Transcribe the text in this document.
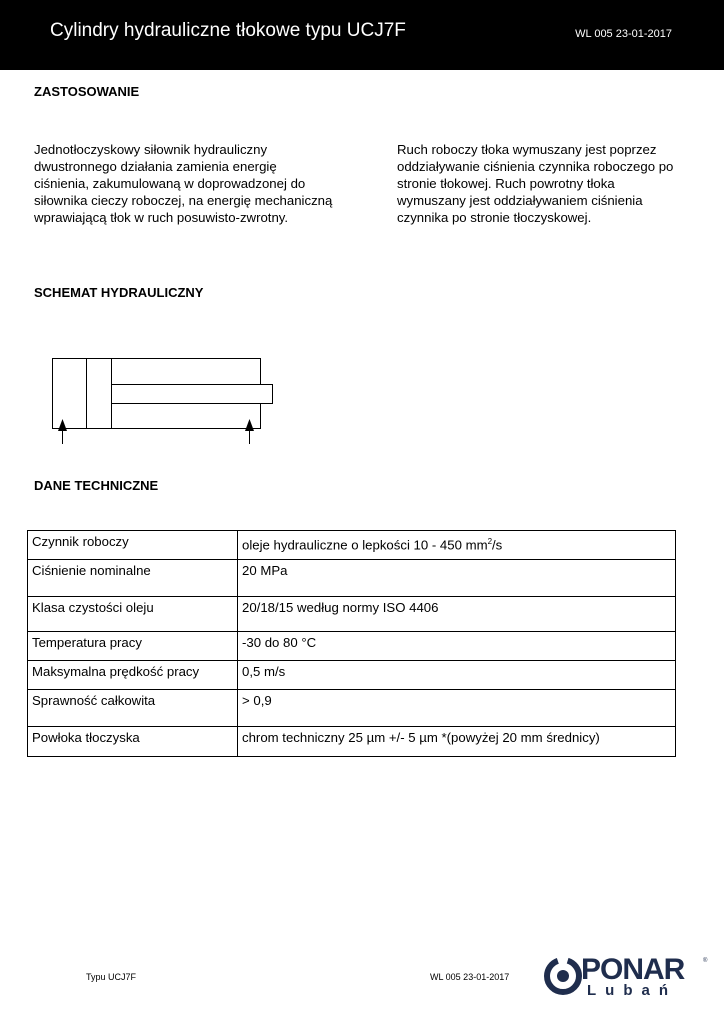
Cylindry hydrauliczne tłokowe typu UCJ7F	WL 005 23-01-2017
ZASTOSOWANIE
Jednotłoczyskowy siłownik hydrauliczny
dwustronnego działania zamienia energię
ciśnienia, zakumulowaną w doprowadzonej do
siłownika cieczy roboczej, na energię mechaniczną
wprawiającą tłok w ruch posuwisto-zwrotny.
Ruch roboczy tłoka wymuszany jest poprzez
oddziaływanie ciśnienia czynnika roboczego po
stronie tłokowej. Ruch powrotny tłoka
wymuszany jest oddziaływaniem ciśnienia
czynnika po stronie tłoczyskowej.
SCHEMAT HYDRAULICZNY
DANE TECHNICZNE
Czynnik roboczy	oleje hydrauliczne o lepkości 10 - 450 $mm^2/s$
Ciśnienie nominalne	20 MPa
Klasa czystości oleju	20/18/15 według normy ISO 4406
Temperatura pracy	-30 do 80 °C
Maksymalna prędkość pracy	0,5 m/s
Sprawność całkowita	> 0,9
Powłoka tłoczyska	chrom techniczny 25 µm +/- 5 µm *(powyżej 20 mm średnicy)
Typu UCJ7F	WL 005 23-01-2017 PONAR
Lubań
®
